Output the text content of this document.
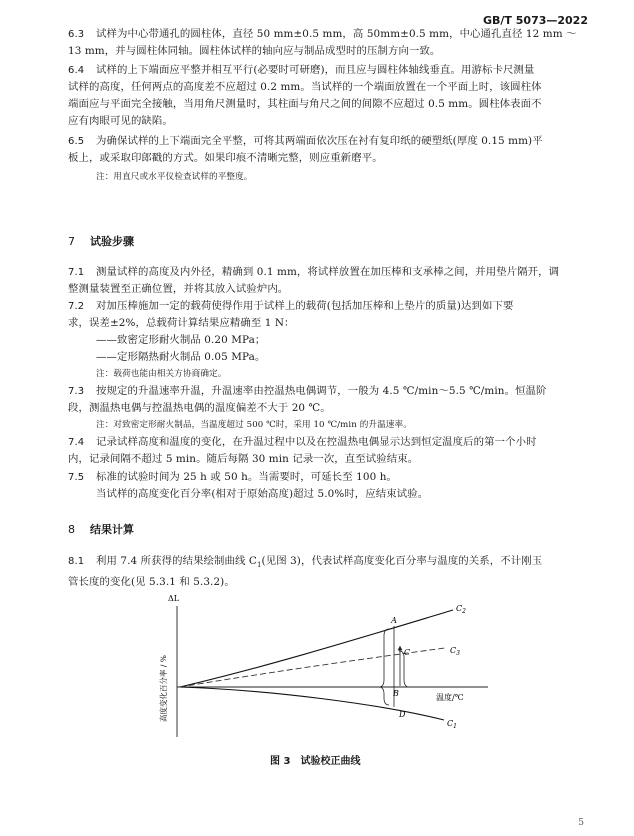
GB/T 5073—2022
6.3 试样为中心带通孔的圆柱体，直径 50 mm±0.5 mm，高 50mm±0.5 mm，中心通孔直径 12 mm ～
13 mm，并与圆柱体同轴。圆柱体试样的轴向应与制品成型时的压制方向一致。
6.4 试样的上下端面应平整并相互平行(必要时可研磨)，而且应与圆柱体轴线垂直。用游标卡尺测量
试样的高度，任何两点的高度差不应超过 0.2 mm。当试样的一个端面放置在一个平面上时，该圆柱体
端面应与平面完全接触，当用角尺测量时，其柱面与角尺之间的间隙不应超过 0.5 mm。圆柱体表面不
应有肉眼可见的缺陷。
6.5 为确保试样的上下端面完全平整，可将其两端面依次压在衬有复印纸的硬塑纸(厚度 0.15 mm)平
板上，或采取印郎戳的方式。如果印痕不清晰完整，则应重新磨平。
注：用直尺或水平仪检查试样的平整度。
7 试验步骤
7.1 测量试样的高度及内外径，精确到 0.1 mm，将试样放置在加压棒和支承棒之间，并用垫片隔开，调
整测量装置至正确位置，并将其放入试验炉内。
7.2 对加压棒施加一定的载荷使得作用于试样上的载荷(包括加压棒和上垫片的质量)达到如下要
求，误差±2%，总载荷计算结果应精确至 1 N：
——致密定形耐火制品 0.20 MPa；
——定形隔热耐火制品 0.05 MPa。
注：载荷也能由相关方协商确定。
7.3 按规定的升温速率升温，升温速率由控温热电偶调节，一般为 4.5 ℃/min～5.5 ℃/min。恒温阶
段，测温热电偶与控温热电偶的温度偏差不大于 20 ℃。
注：对致密定形耐火制品，当温度超过 500 ℃时，采用 10 ℃/min 的升温速率。
7.4 记录试样高度和温度的变化，在升温过程中以及在控温热电偶显示达到恒定温度后的第一个小时
内，记录间隔不超过 5 min。随后每隔 30 min 记录一次，直至试验结束。
7.5 标准的试验时间为 25 h 或 50 h。当需要时，可延长至 100 h。
当试样的高度变化百分率(相对于原始高度)超过 5.0%时，应结束试验。
8 结果计算
8.1 利用 7.4 所获得的结果绘制曲线 $C_1$(见图 3)，代表试样高度变化百分率与温度的关系，不计刚玉
管长度的变化(见 5.3.1 和 5.3.2)。
ΔL
高度变化百分率 / %	温度/℃
$C_2$
$C_3$
$C_1$
A
C
B
D
图 3　试验校正曲线
5
